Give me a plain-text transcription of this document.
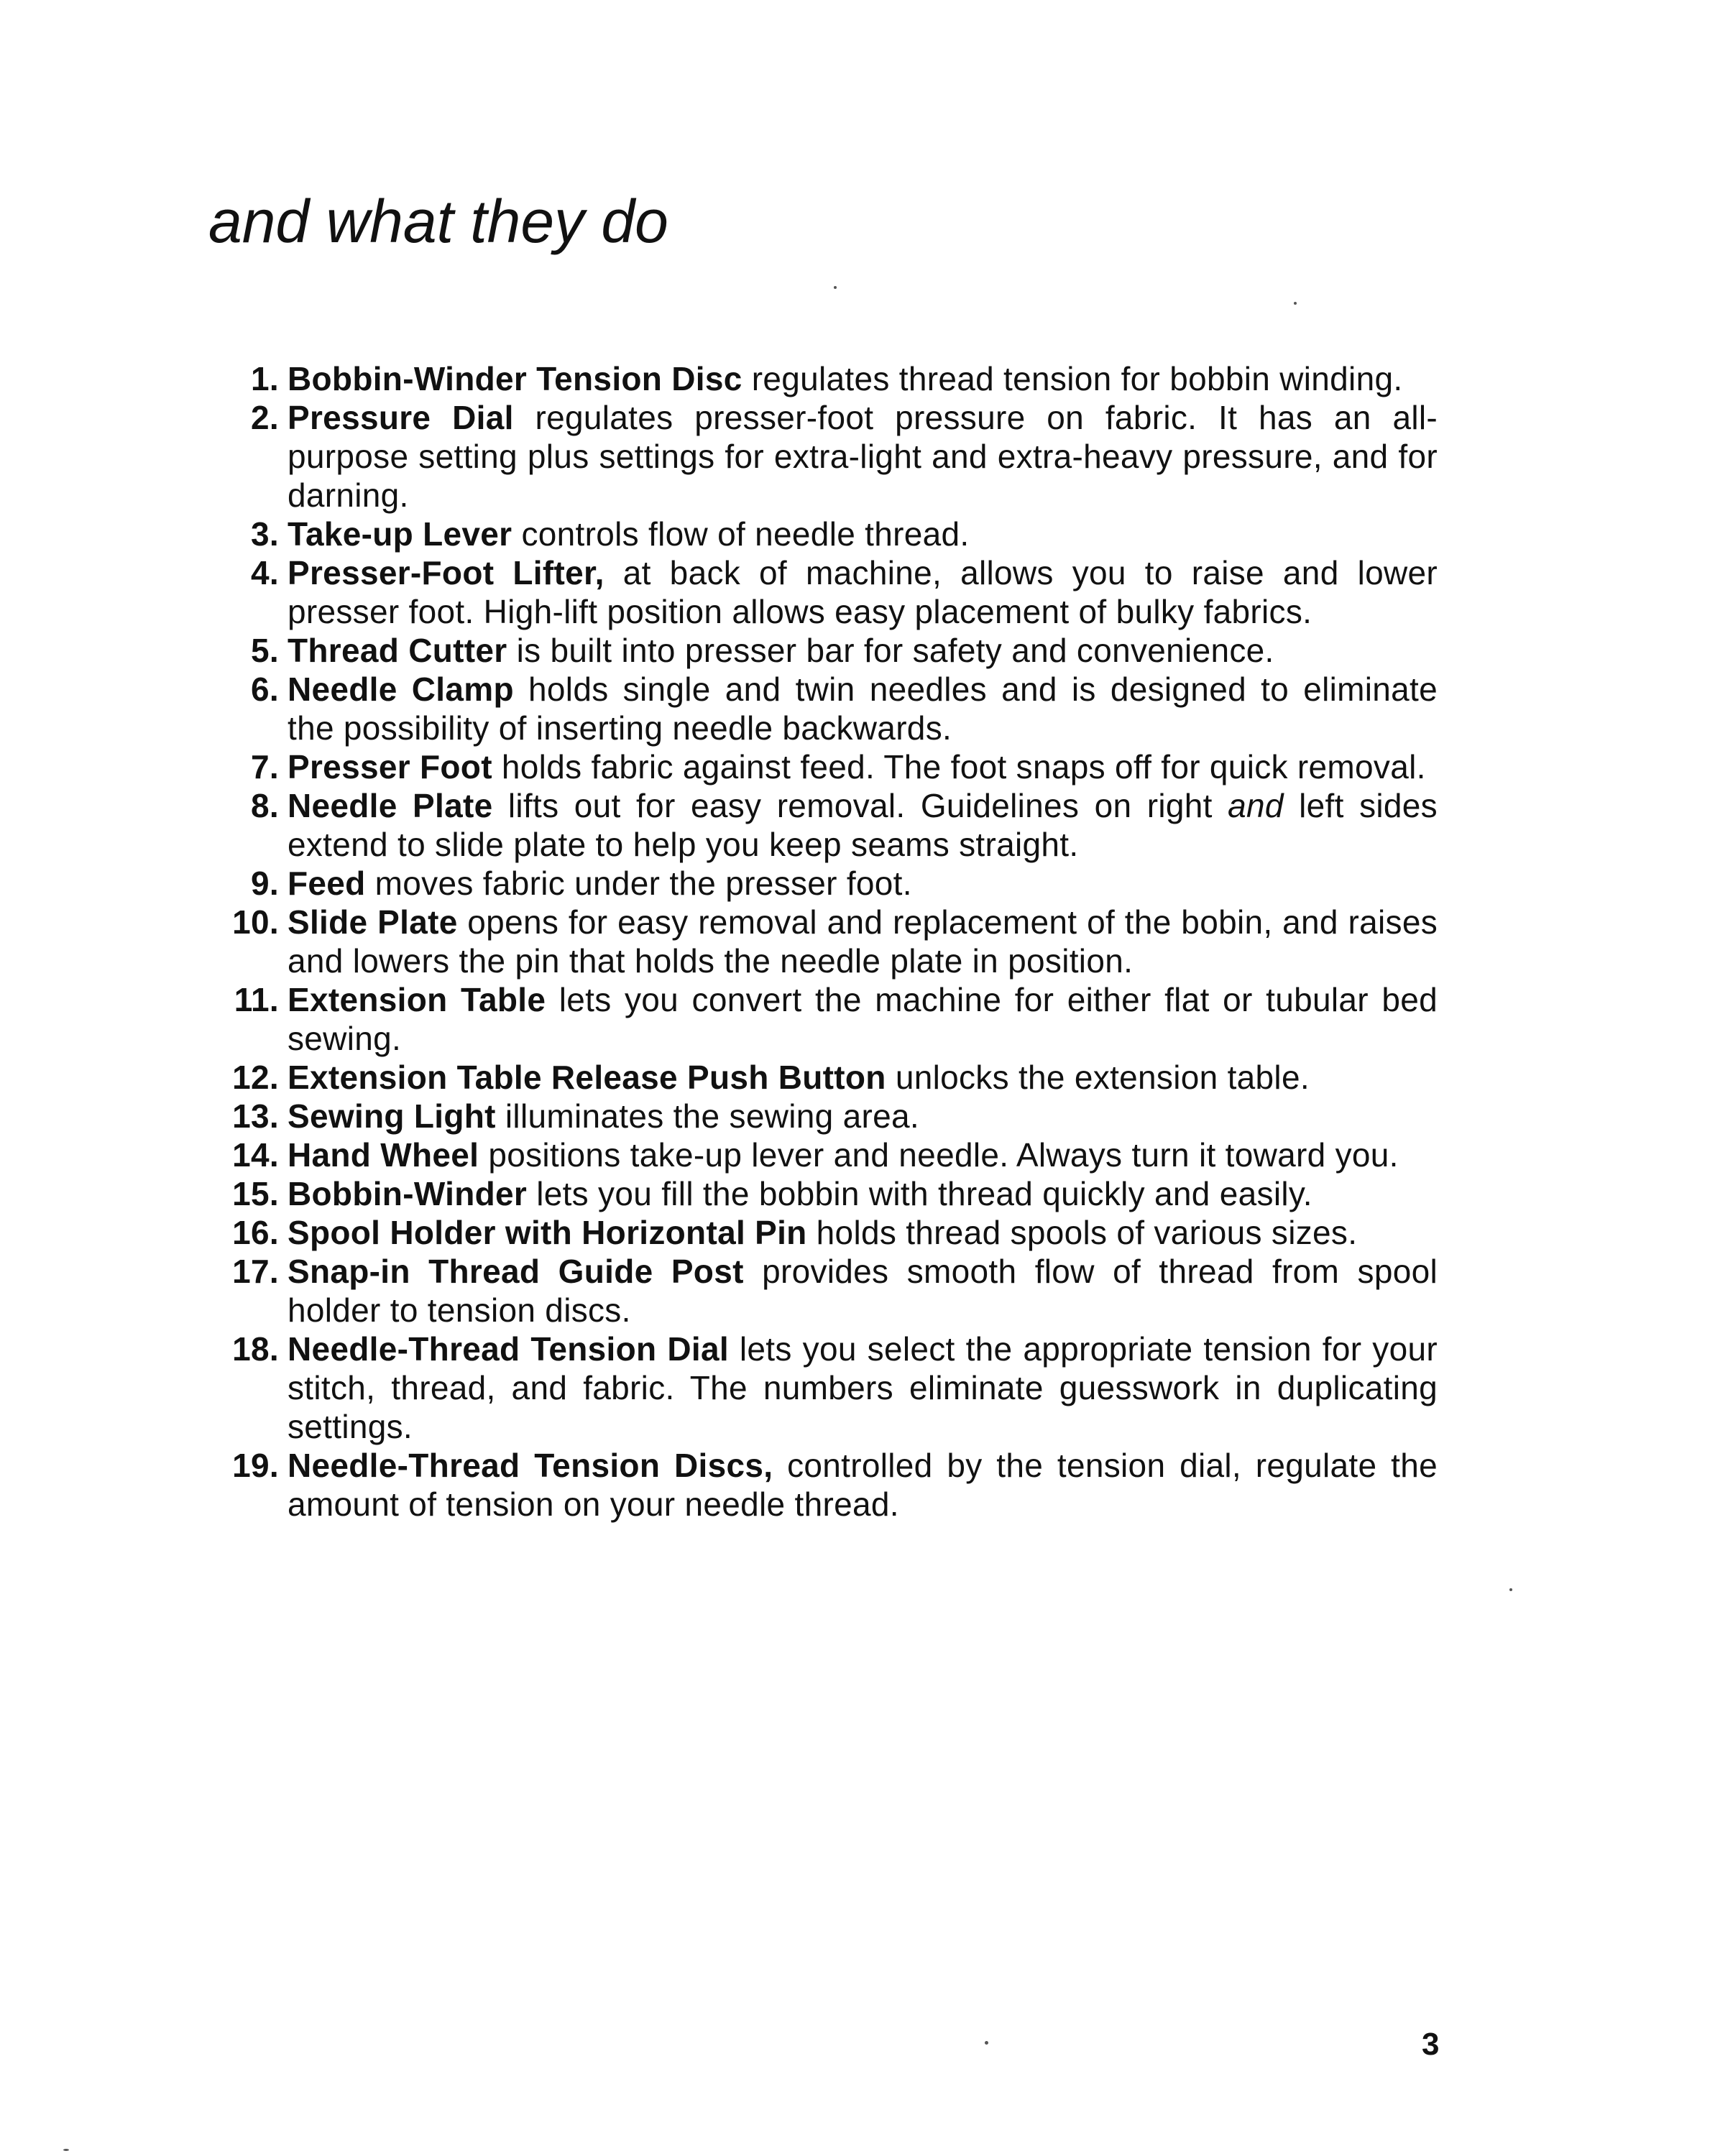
and what they do
1. Bobbin-Winder Tension Disc regulates thread tension for bobbin winding.
2. Pressure Dial regulates presser-foot pressure on fabric. It has an all-purpose setting plus settings for extra-light and extra-heavy pressure, and for darning.
3. Take-up Lever controls flow of needle thread.
4. Presser-Foot Lifter, at back of machine, allows you to raise and lower presser foot. High-lift position allows easy placement of bulky fabrics.
5. Thread Cutter is built into presser bar for safety and convenience.
6. Needle Clamp holds single and twin needles and is designed to eliminate the possibility of inserting needle backwards.
7. Presser Foot holds fabric against feed. The foot snaps off for quick removal.
8. Needle Plate lifts out for easy removal. Guidelines on right and left sides extend to slide plate to help you keep seams straight.
9. Feed moves fabric under the presser foot.
10. Slide Plate opens for easy removal and replacement of the bobin, and raises and lowers the pin that holds the needle plate in position.
11. Extension Table lets you convert the machine for either flat or tubular bed sewing.
12. Extension Table Release Push Button unlocks the extension table.
13. Sewing Light illuminates the sewing area.
14. Hand Wheel positions take-up lever and needle. Always turn it toward you.
15. Bobbin-Winder lets you fill the bobbin with thread quickly and easily.
16. Spool Holder with Horizontal Pin holds thread spools of various sizes.
17. Snap-in Thread Guide Post provides smooth flow of thread from spool holder to tension discs.
18. Needle-Thread Tension Dial lets you select the appropriate tension for your stitch, thread, and fabric. The numbers eliminate guesswork in duplicating settings.
19. Needle-Thread Tension Discs, controlled by the tension dial, regulate the amount of tension on your needle thread.
3
